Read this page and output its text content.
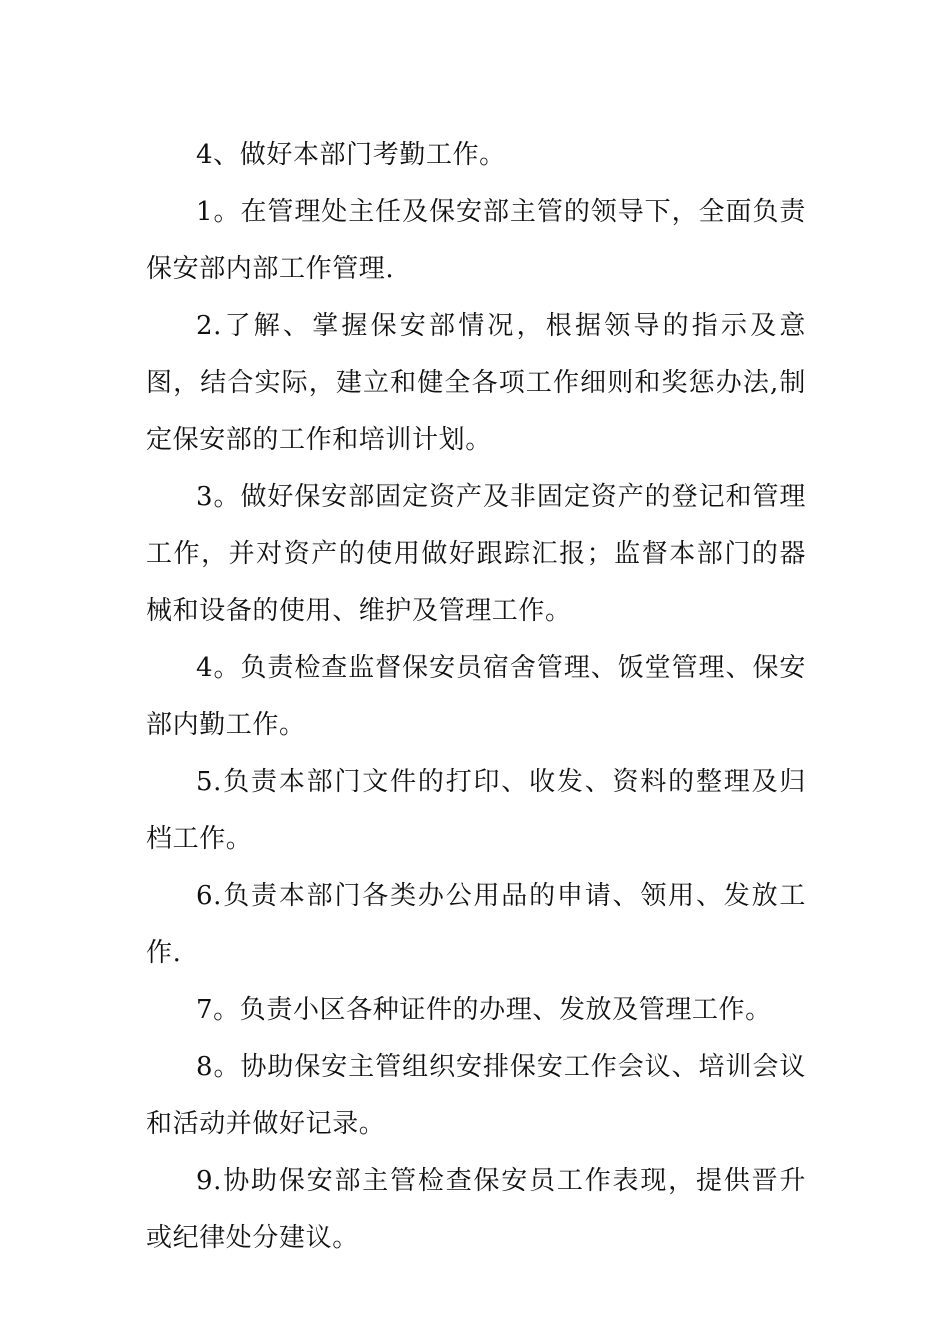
4、做好本部门考勤工作。

1。在管理处主任及保安部主管的领导下，全面负责保安部内部工作管理.

2.了解、掌握保安部情况，根据领导的指示及意图，结合实际，建立和健全各项工作细则和奖惩办法,制定保安部的工作和培训计划。

3。做好保安部固定资产及非固定资产的登记和管理工作，并对资产的使用做好跟踪汇报；监督本部门的器械和设备的使用、维护及管理工作。

4。负责检查监督保安员宿舍管理、饭堂管理、保安部内勤工作。

5.负责本部门文件的打印、收发、资料的整理及归档工作。

6.负责本部门各类办公用品的申请、领用、发放工作.

7。负责小区各种证件的办理、发放及管理工作。

8。协助保安主管组织安排保安工作会议、培训会议和活动并做好记录。

9.协助保安部主管检查保安员工作表现，提供晋升或纪律处分建议。
